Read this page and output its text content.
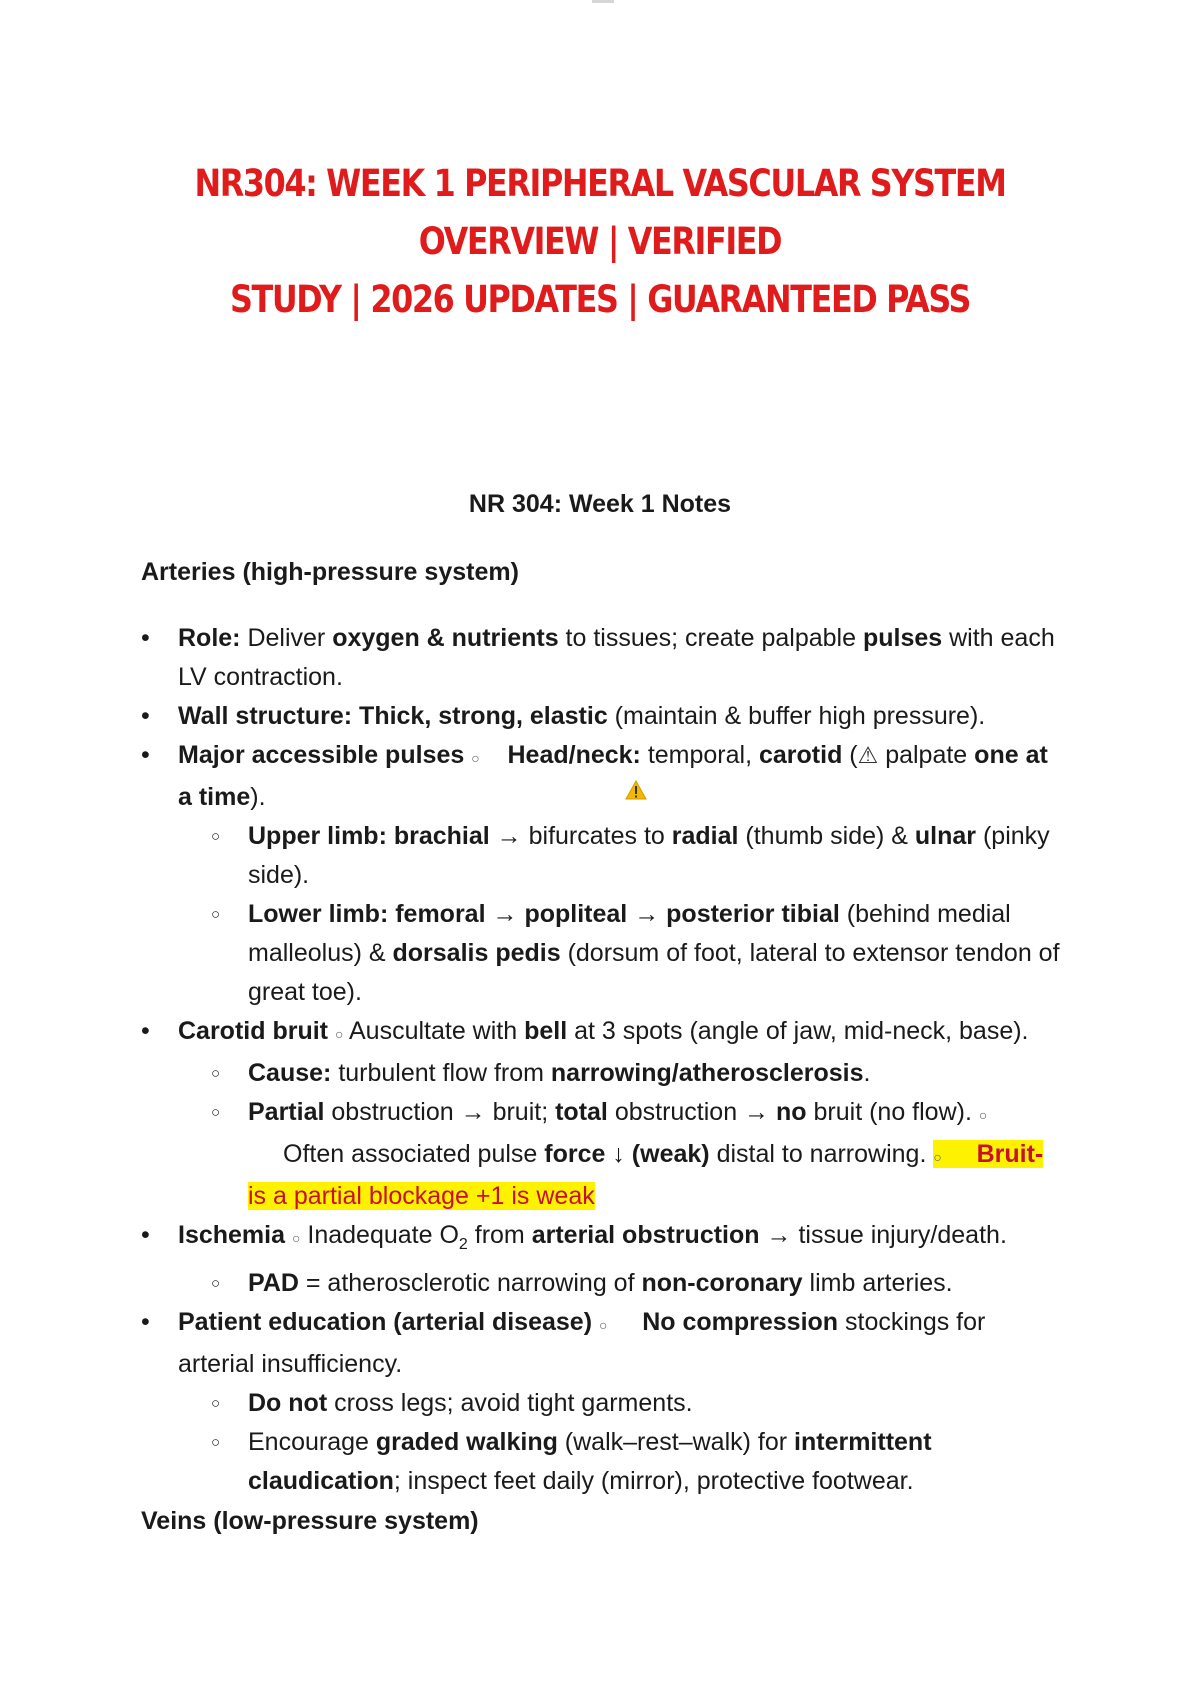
NR304: WEEK 1 PERIPHERAL VASCULAR SYSTEM OVERVIEW | VERIFIED
STUDY | 2026 UPDATES | GUARANTEED PASS
NR 304: Week 1 Notes
Arteries (high-pressure system)
• Role: Deliver oxygen & nutrients to tissues; create palpable pulses with each LV contraction.
• Wall structure: Thick, strong, elastic (maintain & buffer high pressure).
• Major accessible pulses ○ Head/neck: temporal, carotid (⚠ palpate one at a time).
○ Upper limb: brachial → bifurcates to radial (thumb side) & ulnar (pinky side).
○ Lower limb: femoral → popliteal → posterior tibial (behind medial malleolus) & dorsalis pedis (dorsum of foot, lateral to extensor tendon of great toe).
• Carotid bruit ○ Auscultate with bell at 3 spots (angle of jaw, mid-neck, base).
○ Cause: turbulent flow from narrowing/atherosclerosis.
○ Partial obstruction → bruit; total obstruction → no bruit (no flow). ○
Often associated pulse force ↓ (weak) distal to narrowing. ○ Bruit-
is a partial blockage +1 is weak
• Ischemia ○ Inadequate $O_2$ from arterial obstruction → tissue injury/death.
○ PAD = atherosclerotic narrowing of non-coronary limb arteries.
• Patient education (arterial disease) ○ No compression stockings for arterial insufficiency.
○ Do not cross legs; avoid tight garments.
○ Encourage graded walking (walk–rest–walk) for intermittent claudication; inspect feet daily (mirror), protective footwear.
Veins (low-pressure system)
